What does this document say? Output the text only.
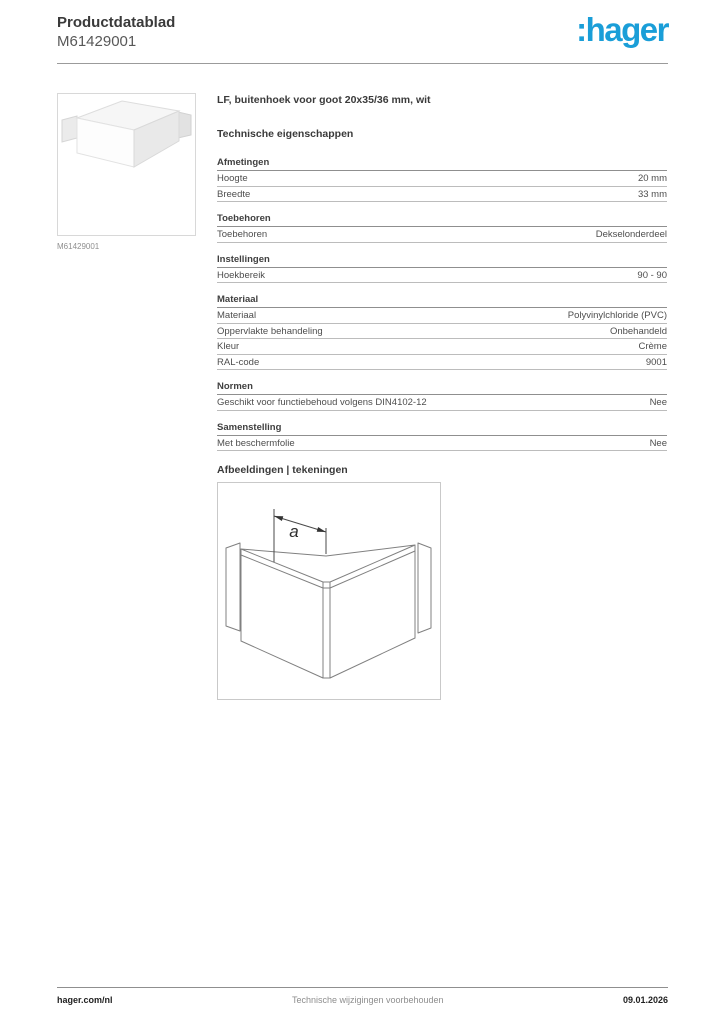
Productdatablad
M61429001	:hager
M61429001
LF, buitenhoek voor goot 20x35/36 mm, wit
Technische eigenschappen
Afmetingen
Hoogte	20 mm
Breedte	33 mm
Toebehoren
Toebehoren	Dekselonderdeel
Instellingen
Hoekbereik	90 - 90
Materiaal
Materiaal	Polyvinylchloride (PVC)
Oppervlakte behandeling	Onbehandeld
Kleur	Crème
RAL-code	9001
Normen
Geschikt voor functiebehoud volgens DIN4102-12	Nee
Samenstelling
Met beschermfolie	Nee
Afbeeldingen | tekeningen
a
hager.com/nl	Technische wijzigingen voorbehouden	09.01.2026
